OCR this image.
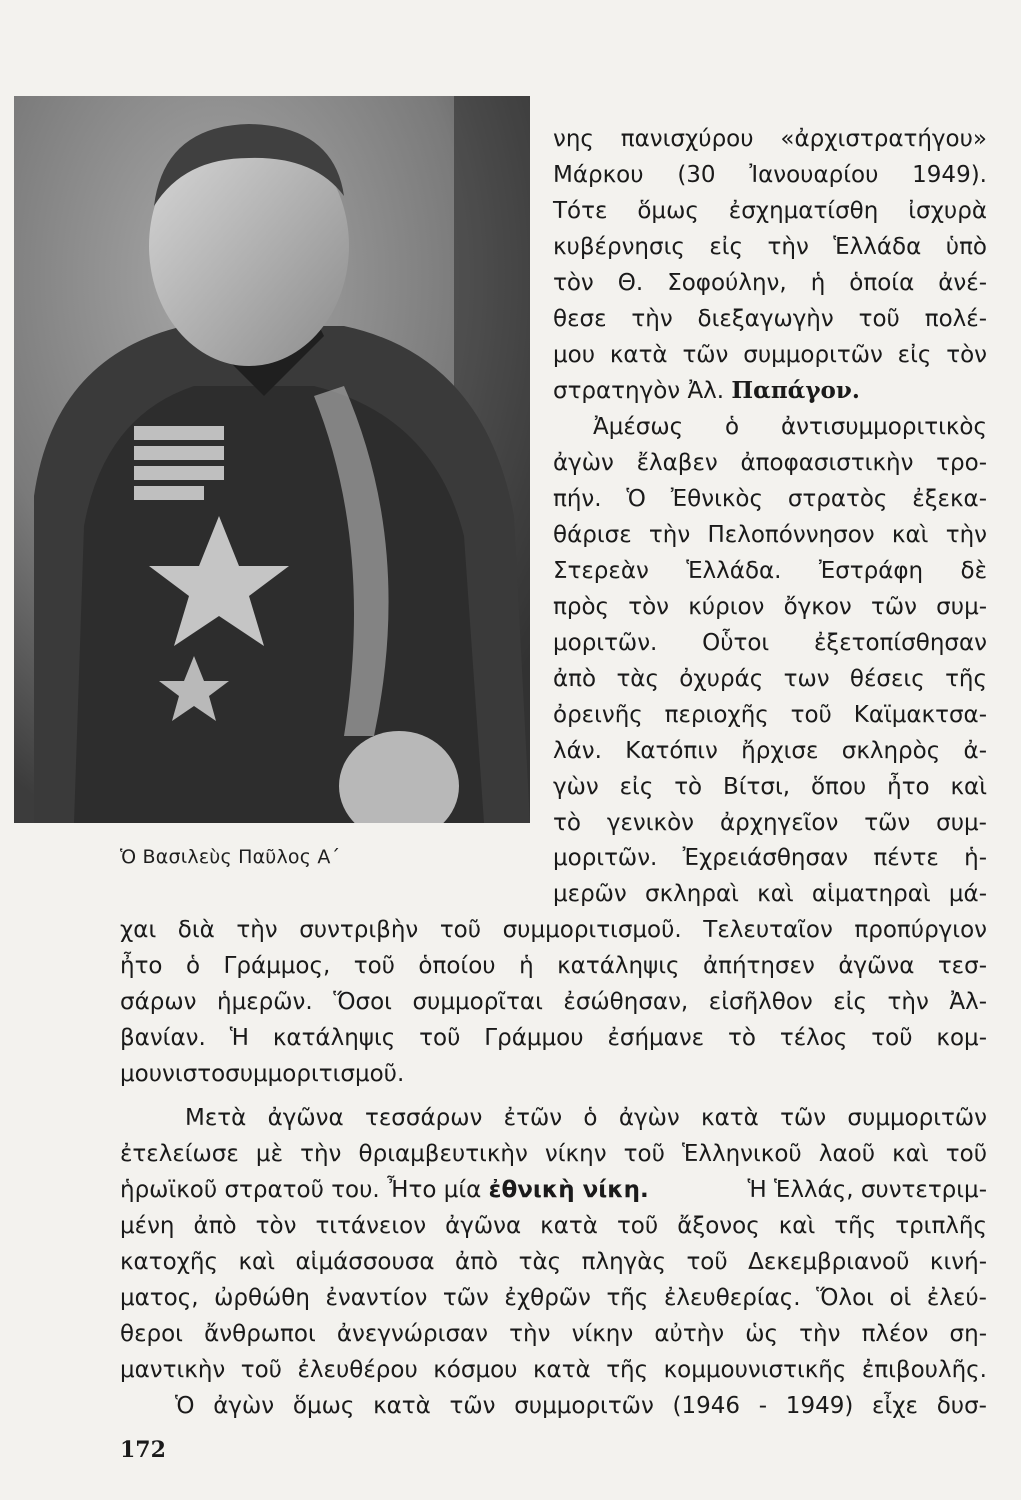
Ὁ Βασιλεὺς Παῦλος Α΄
νης πανισχύρου «ἀρχιστρατήγου»
Μάρκου (30 Ἰανουαρίου 1949).
Τότε ὅμως ἐσχηματίσθη ἰσχυρὰ
κυβέρνησις εἰς τὴν Ἑλλάδα ὑπὸ
τὸν Θ. Σοφούλην, ἡ ὁποία ἀνέ-
θεσε τὴν διεξαγωγὴν τοῦ πολέ-
μου κατὰ τῶν συμμοριτῶν εἰς τὸν
στρατηγὸν Ἀλ. Παπάγον.
Ἀμέσως ὁ ἀντισυμμοριτικὸς
ἀγὼν ἔλαβεν ἀποφασιστικὴν τρο-
πήν. Ὁ Ἐθνικὸς στρατὸς ἐξεκα-
θάρισε τὴν Πελοπόννησον καὶ τὴν
Στερεὰν Ἑλλάδα. Ἐστράφη δὲ
πρὸς τὸν κύριον ὄγκον τῶν συμ-
μοριτῶν. Οὗτοι ἐξετοπίσθησαν
ἀπὸ τὰς ὀχυράς των θέσεις τῆς
ὀρεινῆς περιοχῆς τοῦ Καϊμακτσα-
λάν. Κατόπιν ἤρχισε σκληρὸς ἀ-
γὼν εἰς τὸ Βίτσι, ὅπου ἦτο καὶ
τὸ γενικὸν ἀρχηγεῖον τῶν συμ-
μοριτῶν. Ἐχρειάσθησαν πέντε ἡ-
μερῶν σκληραὶ καὶ αἱματηραὶ μά-
χαι διὰ τὴν συντριβὴν τοῦ συμμοριτισμοῦ. Τελευταῖον προπύργιον
ἦτο ὁ Γράμμος, τοῦ ὁποίου ἡ κατάληψις ἀπήτησεν ἀγῶνα τεσ-
σάρων ἡμερῶν. Ὅσοι συμμορῖται ἐσώθησαν, εἰσῆλθον εἰς τὴν Ἀλ-
βανίαν. Ἡ κατάληψις τοῦ Γράμμου ἐσήμανε τὸ τέλος τοῦ κομ-
μουνιστοσυμμοριτισμοῦ.
Μετὰ ἀγῶνα τεσσάρων ἐτῶν ὁ ἀγὼν κατὰ τῶν συμμοριτῶν
ἐτελείωσε μὲ τὴν θριαμβευτικὴν νίκην τοῦ Ἑλληνικοῦ λαοῦ καὶ τοῦ
ἡρωϊκοῦ στρατοῦ του. Ἦτο μία ἐθνικὴ νίκη.	Ἡ Ἑλλάς, συντετριμ-
μένη ἀπὸ τὸν τιτάνειον ἀγῶνα κατὰ τοῦ ἄξονος καὶ τῆς τριπλῆς
κατοχῆς καὶ αἱμάσσουσα ἀπὸ τὰς πληγὰς τοῦ Δεκεμβριανοῦ κινή-
ματος, ὠρθώθη ἐναντίον τῶν ἐχθρῶν τῆς ἐλευθερίας. Ὅλοι οἱ ἐλεύ-
θεροι ἄνθρωποι ἀνεγνώρισαν τὴν νίκην αὐτὴν ὡς τὴν πλέον ση-
μαντικὴν τοῦ ἐλευθέρου κόσμου κατὰ τῆς κομμουνιστικῆς ἐπιβουλῆς.
Ὁ ἀγὼν ὅμως κατὰ τῶν συμμοριτῶν (1946 - 1949) εἶχε δυσ-
172
